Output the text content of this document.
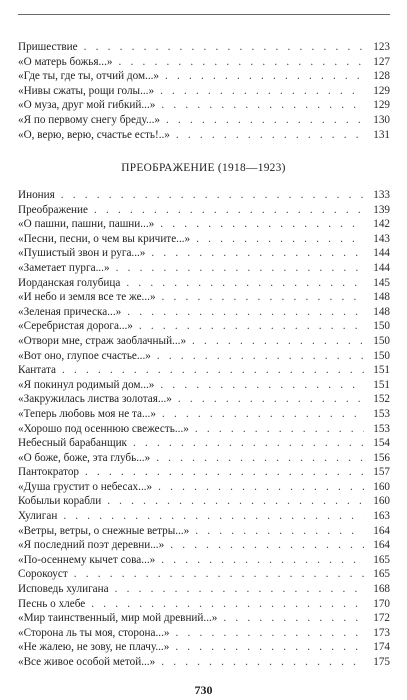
Пришествие . . .	123
«О матерь божья...» . . .	127
«Где ты, где ты, отчий дом...» . . .	128
«Нивы сжаты, рощи голы...» . . .	129
«О муза, друг мой гибкий...» . . .	129
«Я по первому снегу бреду...» . . .	130
«О, верю, верю, счастье есть!..» . . .	131
ПРЕОБРАЖЕНИЕ (1918—1923)
Инония . . .	133
Преображение . . .	139
«О пашни, пашни, пашни...» . . .	142
«Песни, песни, о чем вы кричите...» . . .	143
«Пушистый звон и руга...» . . .	144
«Заметает пурга...» . . .	144
Иорданская голубица . . .	145
«И небо и земля все те же...» . . .	148
«Зеленая прическа...» . . .	148
«Серебристая дорога...» . . .	150
«Отвори мне, страж заоблачный...» . . .	150
«Вот оно, глупое счастье...» . . .	150
Кантата . . .	151
«Я покинул родимый дом...» . . .	151
«Закружилась листва золотая...» . . .	152
«Теперь любовь моя не та...» . . .	153
«Хорошо под осеннюю свежесть...» . . .	153
Небесный барабанщик . . .	154
«О боже, боже, эта глубь...» . . .	156
Пантократор . . .	157
«Душа грустит о небесах...» . . .	160
Кобыльи корабли . . .	160
Хулиган . . .	163
«Ветры, ветры, о снежные ветры...» . . .	164
«Я последний поэт деревни...» . . .	164
«По-осеннему кычет сова...» . . .	165
Сорокоуст . . .	165
Исповедь хулигана . . .	168
Песнь о хлебе . . .	170
«Мир таинственный, мир мой древний...» . . .	172
«Сторона ль ты моя, сторона...» . . .	173
«Не жалею, не зову, не плачу...» . . .	174
«Все живое особой метой...» . . .	175
730
